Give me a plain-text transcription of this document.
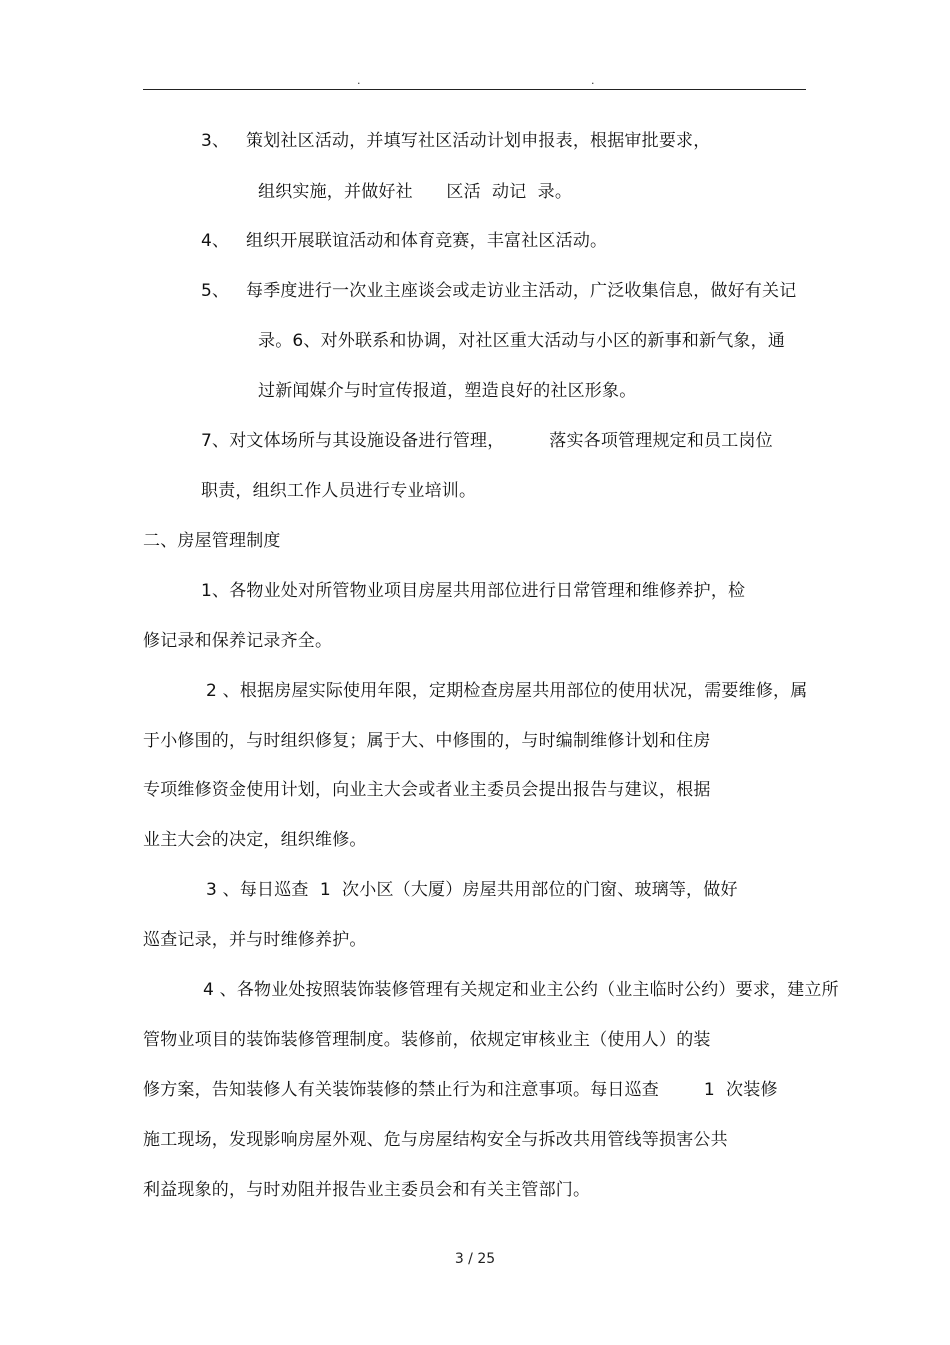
.	.
3、   策划社区活动，并填写社区活动计划申报表，根据审批要求，
组织实施，并做好社      区活  动记  录。
4、   组织开展联谊活动和体育竞赛，丰富社区活动。
5、   每季度进行一次业主座谈会或走访业主活动，广泛收集信息，做好有关记
录。6、对外联系和协调，对社区重大活动与小区的新事和新气象，通
过新闻媒介与时宣传报道，塑造良好的社区形象。
7、对文体场所与其设施设备进行管理，        落实各项管理规定和员工岗位
职责，组织工作人员进行专业培训。
二、房屋管理制度
1、各物业处对所管物业项目房屋共用部位进行日常管理和维修养护，检
修记录和保养记录齐全。
2 、根据房屋实际使用年限，定期检查房屋共用部位的使用状况，需要维修，属
于小修围的，与时组织修复；属于大、中修围的，与时编制维修计划和住房
专项维修资金使用计划，向业主大会或者业主委员会提出报告与建议，根据
业主大会的决定，组织维修。
3 、每日巡查  1  次小区（大厦）房屋共用部位的门窗、玻璃等，做好
巡查记录，并与时维修养护。
4 、各物业处按照装饰装修管理有关规定和业主公约（业主临时公约）要求，建立所
管物业项目的装饰装修管理制度。装修前，依规定审核业主（使用人）的装
修方案，告知装修人有关装饰装修的禁止行为和注意事项。每日巡查        1  次装修
施工现场，发现影响房屋外观、危与房屋结构安全与拆改共用管线等损害公共
利益现象的，与时劝阻并报告业主委员会和有关主管部门。
3 / 25
